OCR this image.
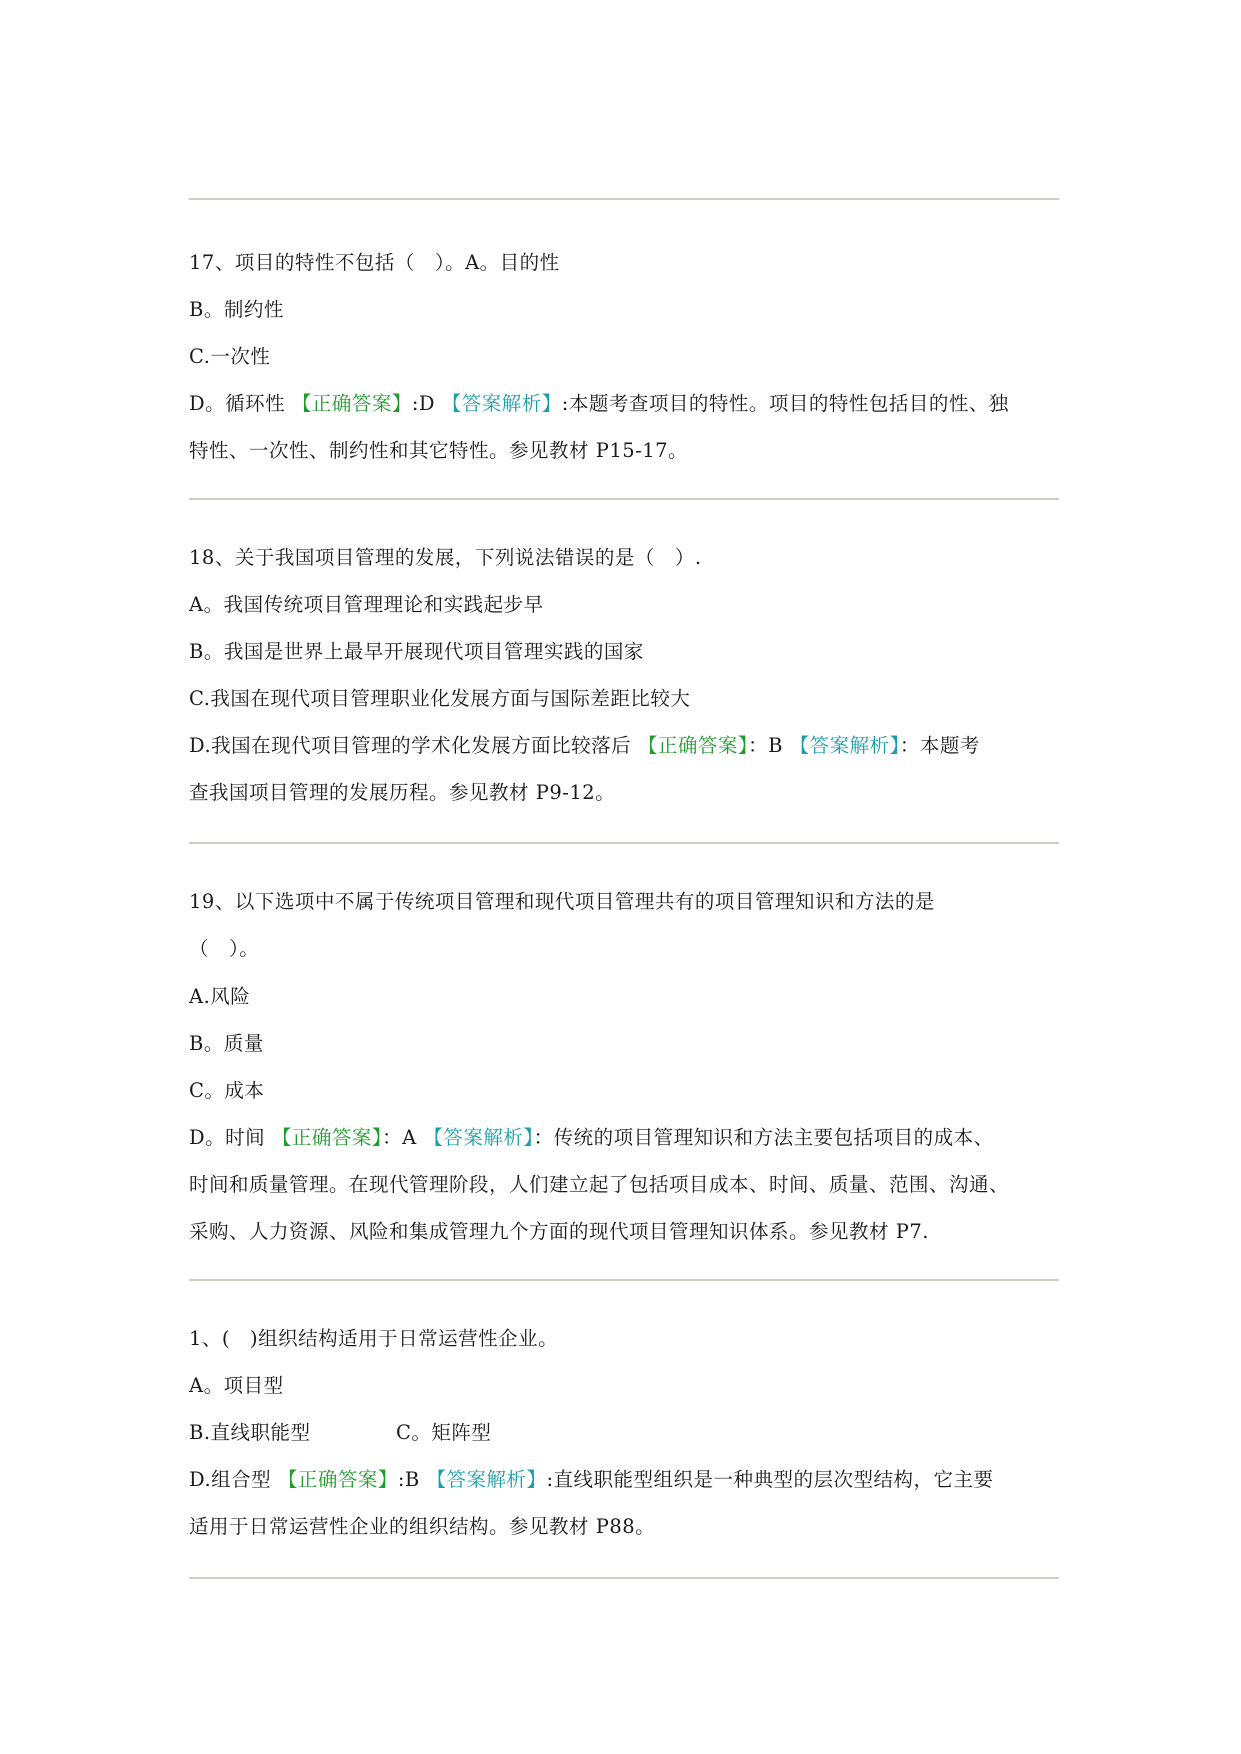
17、项目的特性不包括（　）。A。目的性
B。制约性
C.一次性
D。循环性 【正确答案】:D 【答案解析】:本题考查项目的特性。项目的特性包括目的性、独
特性、一次性、制约性和其它特性。参见教材 P15-17。
18、关于我国项目管理的发展，下列说法错误的是（　）.
A。我国传统项目管理理论和实践起步早
B。我国是世界上最早开展现代项目管理实践的国家
C.我国在现代项目管理职业化发展方面与国际差距比较大
D.我国在现代项目管理的学术化发展方面比较落后 【正确答案】：B 【答案解析】：本题考
查我国项目管理的发展历程。参见教材 P9-12。
19、以下选项中不属于传统项目管理和现代项目管理共有的项目管理知识和方法的是
（　）。
A.风险
B。质量
C。成本
D。时间 【正确答案】：A 【答案解析】：传统的项目管理知识和方法主要包括项目的成本、
时间和质量管理。在现代管理阶段，人们建立起了包括项目成本、时间、质量、范围、沟通、
采购、人力资源、风险和集成管理九个方面的现代项目管理知识体系。参见教材 P7.
1、(　)组织结构适用于日常运营性企业。
A。项目型
B.直线职能型	C。矩阵型
D.组合型 【正确答案】:B 【答案解析】:直线职能型组织是一种典型的层次型结构，它主要
适用于日常运营性企业的组织结构。参见教材 P88。
